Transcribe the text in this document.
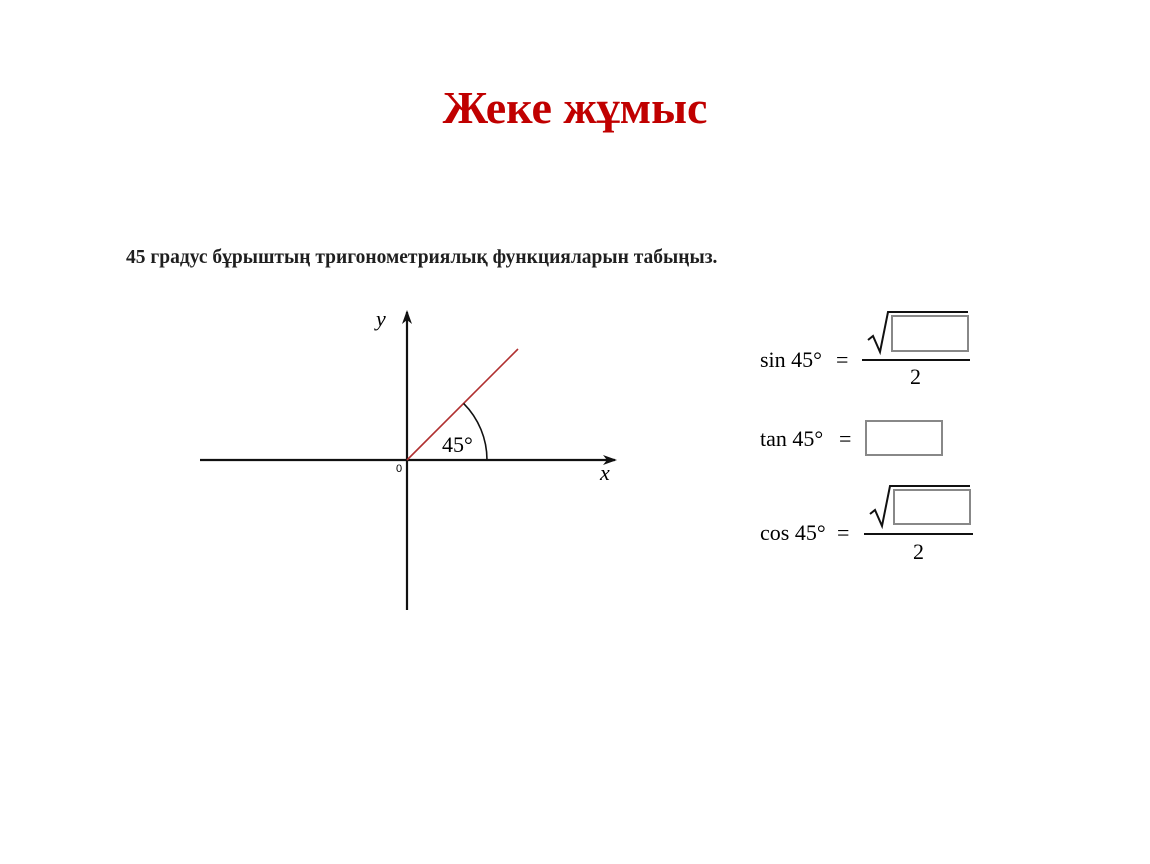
Жеке жұмыс
45 градус бұрыштың тригонометриялық функцияларын табыңыз.
y
x
0
45°
sin 45° =
2
tan 45° =
cos 45° =
2
